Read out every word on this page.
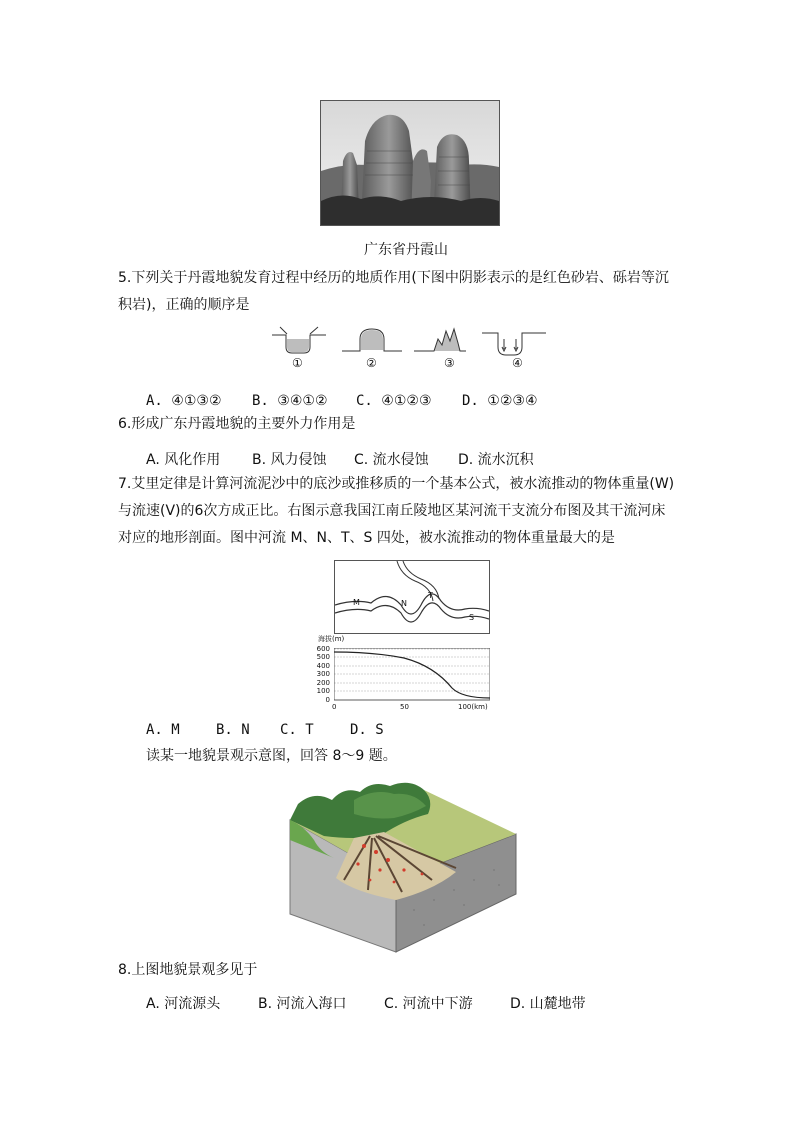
广东省丹霞山
5.下列关于丹霞地貌发育过程中经历的地质作用(下图中阴影表示的是红色砂岩、砾岩等沉
积岩)，正确的顺序是
①	②	③	④
A. ④①③② B. ③④①② C. ④①②③ D. ①②③④
6.形成广东丹霞地貌的主要外力作用是
A. 风化作用 B. 风力侵蚀 C. 流水侵蚀 D. 流水沉积
7.艾里定律是计算河流泥沙中的底沙或推移质的一个基本公式，被水流推动的物体重量(W)
与流速(V)的6次方成正比。右图示意我国江南丘陵地区某河流干支流分布图及其干流河床
对应的地形剖面。图中河流 M、N、T、S 四处，被水流推动的物体重量最大的是
M	N
T
S
海拔(m)
600
500
400
300
200
100
0
0	50	100(km)
A. M	B. N C. T	D. S
读某一地貌景观示意图，回答 8～9 题。
8.上图地貌景观多见于
A. 河流源头	B. 河流入海口	C. 河流中下游	D. 山麓地带
